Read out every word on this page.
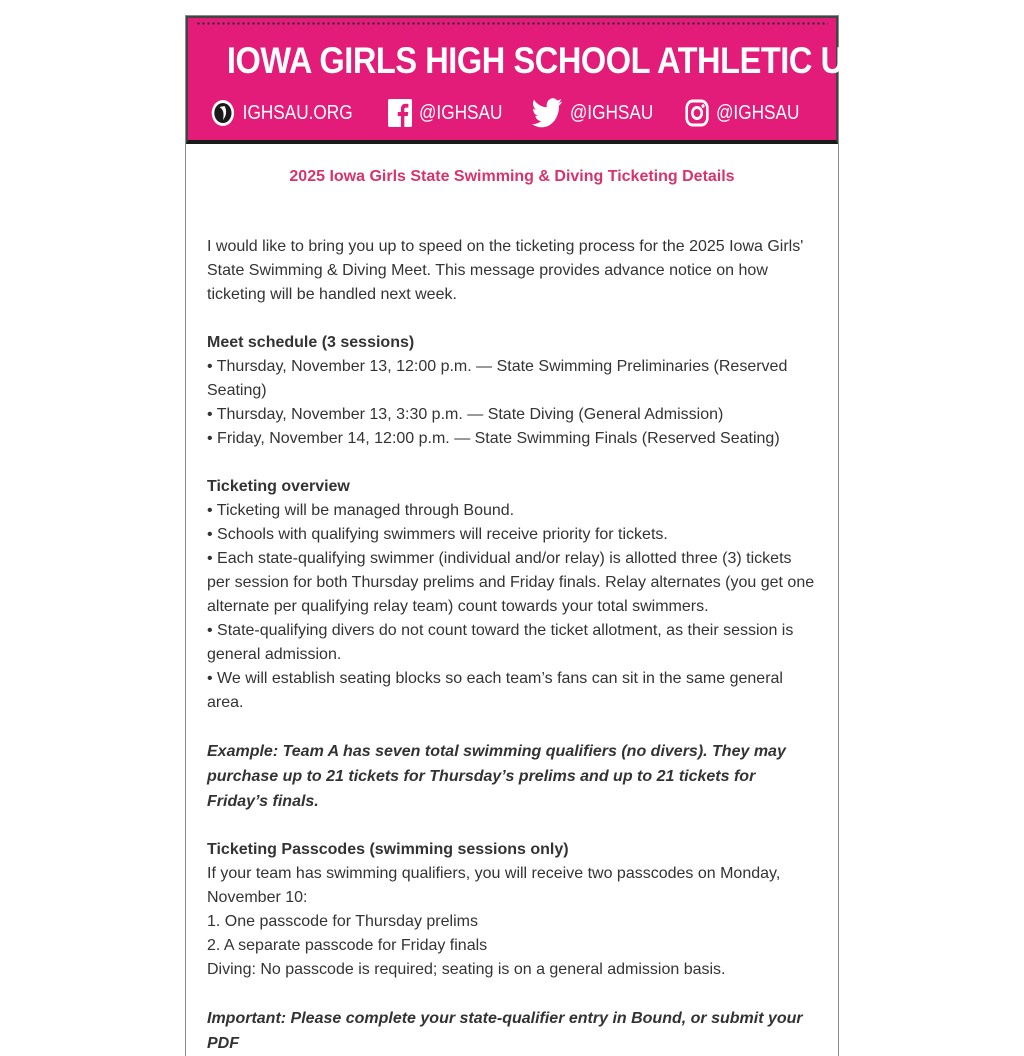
IOWA GIRLS HIGH SCHOOL ATHLETIC UNION
IGHSAU.ORG	@IGHSAU	@IGHSAU	@IGHSAU
2025 Iowa Girls State Swimming & Diving Ticketing Details

I would like to bring you up to speed on the ticketing process for the 2025 Iowa Girls' State Swimming & Diving Meet. This message provides advance notice on how ticketing will be handled next week.

Meet schedule (3 sessions)
• Thursday, November 13, 12:00 p.m. — State Swimming Preliminaries (Reserved Seating)
• Thursday, November 13, 3:30 p.m. — State Diving (General Admission)
• Friday, November 14, 12:00 p.m. — State Swimming Finals (Reserved Seating)
Ticketing overview
• Ticketing will be managed through Bound.
• Schools with qualifying swimmers will receive priority for tickets.
• Each state-qualifying swimmer (individual and/or relay) is allotted three (3) tickets per session for both Thursday prelims and Friday finals. Relay alternates (you get one alternate per qualifying relay team) count towards your total swimmers.
• State-qualifying divers do not count toward the ticket allotment, as their session is general admission.
• We will establish seating blocks so each team’s fans can sit in the same general area.
Example: Team A has seven total swimming qualifiers (no divers). They may purchase up to 21 tickets for Thursday’s prelims and up to 21 tickets for Friday’s finals.
Ticketing Passcodes (swimming sessions only)
If your team has swimming qualifiers, you will receive two passcodes on Monday, November 10:
1. One passcode for Thursday prelims
2. A separate passcode for Friday finals
Diving: No passcode is required; seating is on a general admission basis.
Important: Please complete your state-qualifier entry in Bound, or submit your PDF
